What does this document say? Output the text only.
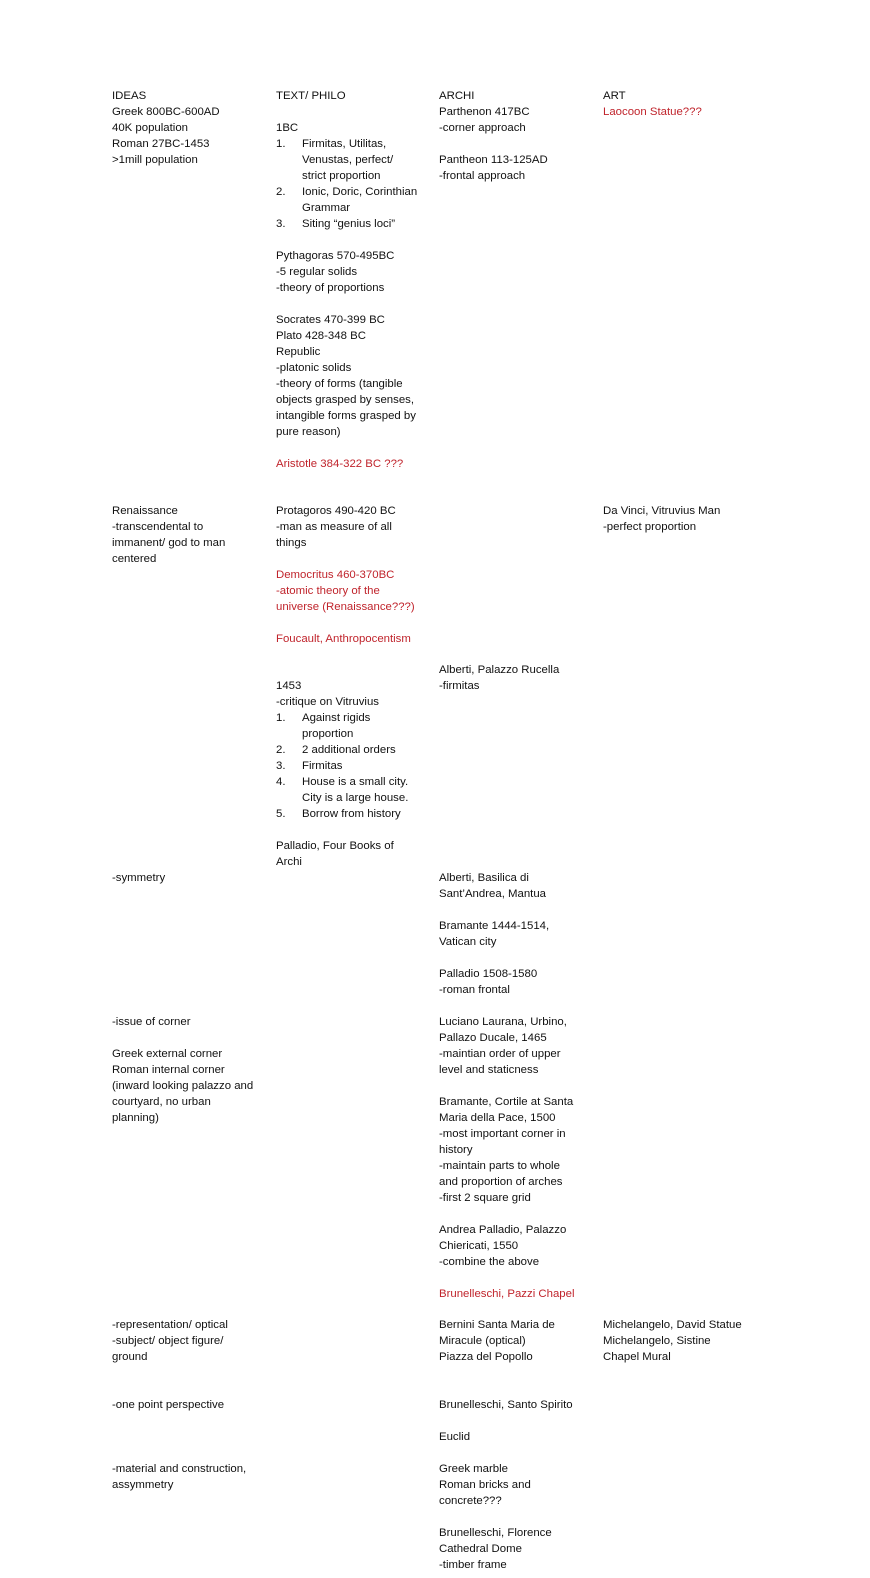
IDEAS
Greek 800BC-600AD
40K population
Roman 27BC-1453
>1mill population
Renaissance
-transcendental to
immanent/ god to man
centered
-symmetry
-issue of corner
Greek external corner
Roman internal corner
(inward looking palazzo and
courtyard, no urban
planning)
-representation/ optical
-subject/ object figure/
ground
-one point perspective
-material and construction,
assymmetry
TEXT/ PHILO
1BC
1. Firmitas, Utilitas,
Venustas, perfect/
strict proportion
2. Ionic, Doric, Corinthian
Grammar
3. Siting “genius loci”
Pythagoras 570-495BC
-5 regular solids
-theory of proportions
Socrates 470-399 BC
Plato 428-348 BC
Republic
-platonic solids
-theory of forms (tangible
objects grasped by senses,
intangible forms grasped by
pure reason)
Aristotle 384-322 BC ???
Protagoros 490-420 BC
-man as measure of all
things
Democritus 460-370BC
-atomic theory of the
universe (Renaissance???)
Foucault, Anthropocentism
1453
-critique on Vitruvius
1. Against rigids
proportion
2. 2 additional orders
3. Firmitas
4. House is a small city.
City is a large house.
5. Borrow from history
Palladio, Four Books of
Archi
ARCHI
Parthenon 417BC
-corner approach
Pantheon 113-125AD
-frontal approach
Alberti, Palazzo Rucella
-firmitas
Alberti, Basilica di
Sant’Andrea, Mantua
Bramante 1444-1514,
Vatican city
Palladio 1508-1580
-roman frontal
Luciano Laurana, Urbino,
Pallazo Ducale, 1465
-maintian order of upper
level and staticness
Bramante, Cortile at Santa
Maria della Pace, 1500
-most important corner in
history
-maintain parts to whole
and proportion of arches
-first 2 square grid
Andrea Palladio, Palazzo
Chiericati, 1550
-combine the above
Brunelleschi, Pazzi Chapel
Bernini Santa Maria de
Miracule (optical)
Piazza del Popollo
Brunelleschi, Santo Spirito
Euclid
Greek marble
Roman bricks and
concrete???
Brunelleschi, Florence
Cathedral Dome
-timber frame
ART
Laocoon Statue???
Da Vinci, Vitruvius Man
-perfect proportion
Michelangelo, David Statue
Michelangelo, Sistine
Chapel Mural
